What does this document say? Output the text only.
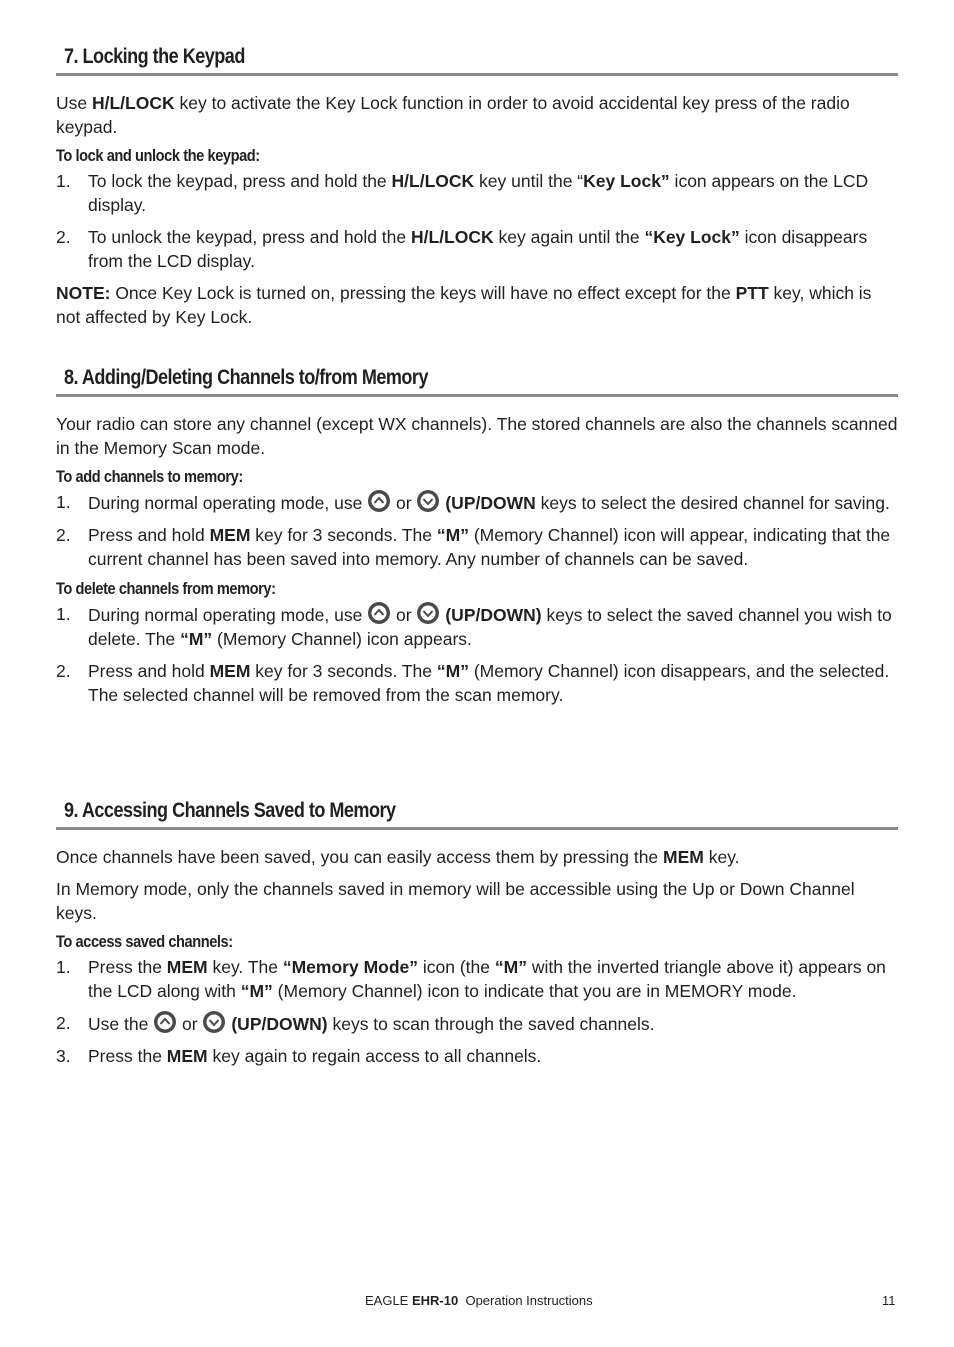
7. Locking the Keypad

Use H/L/LOCK key to activate the Key Lock function in order to avoid accidental key press of the radio keypad.

To lock and unlock the keypad:
1. To lock the keypad, press and hold the H/L/LOCK key until the “Key Lock” icon appears on the LCD display.
2. To unlock the keypad, press and hold the H/L/LOCK key again until the “Key Lock” icon disappears from the LCD display.

NOTE: Once Key Lock is turned on, pressing the keys will have no effect except for the PTT key, which is not affected by Key Lock.

8. Adding/Deleting Channels to/from Memory

Your radio can store any channel (except WX channels). The stored channels are also the channels scanned in the Memory Scan mode.

To add channels to memory:
1. During normal operating mode, use
or
(UP/DOWN keys to select the desired channel for saving.
2. Press and hold MEM key for 3 seconds. The “M” (Memory Channel) icon will appear, indicating that the current channel has been saved into memory. Any number of channels can be saved.
To delete channels from memory:
1. During normal operating mode, use
or
(UP/DOWN) keys to select the saved channel you wish to delete. The “M” (Memory Channel) icon appears.
2. Press and hold MEM key for 3 seconds. The “M” (Memory Channel) icon disappears, and the selected. The selected channel will be removed from the scan memory.
9. Accessing Channels Saved to Memory

Once channels have been saved, you can easily access them by pressing the MEM key.

In Memory mode, only the channels saved in memory will be accessible using the Up or Down Channel keys.

To access saved channels:
1. Press the MEM key. The “Memory Mode” icon (the “M” with the inverted triangle above it) appears on the LCD along with “M” (Memory Channel) icon to indicate that you are in MEMORY mode.
2. Use the
or
(UP/DOWN) keys to scan through the saved channels.
3. Press the MEM key again to regain access to all channels.
EAGLE EHR-10 Operation Instructions	11
